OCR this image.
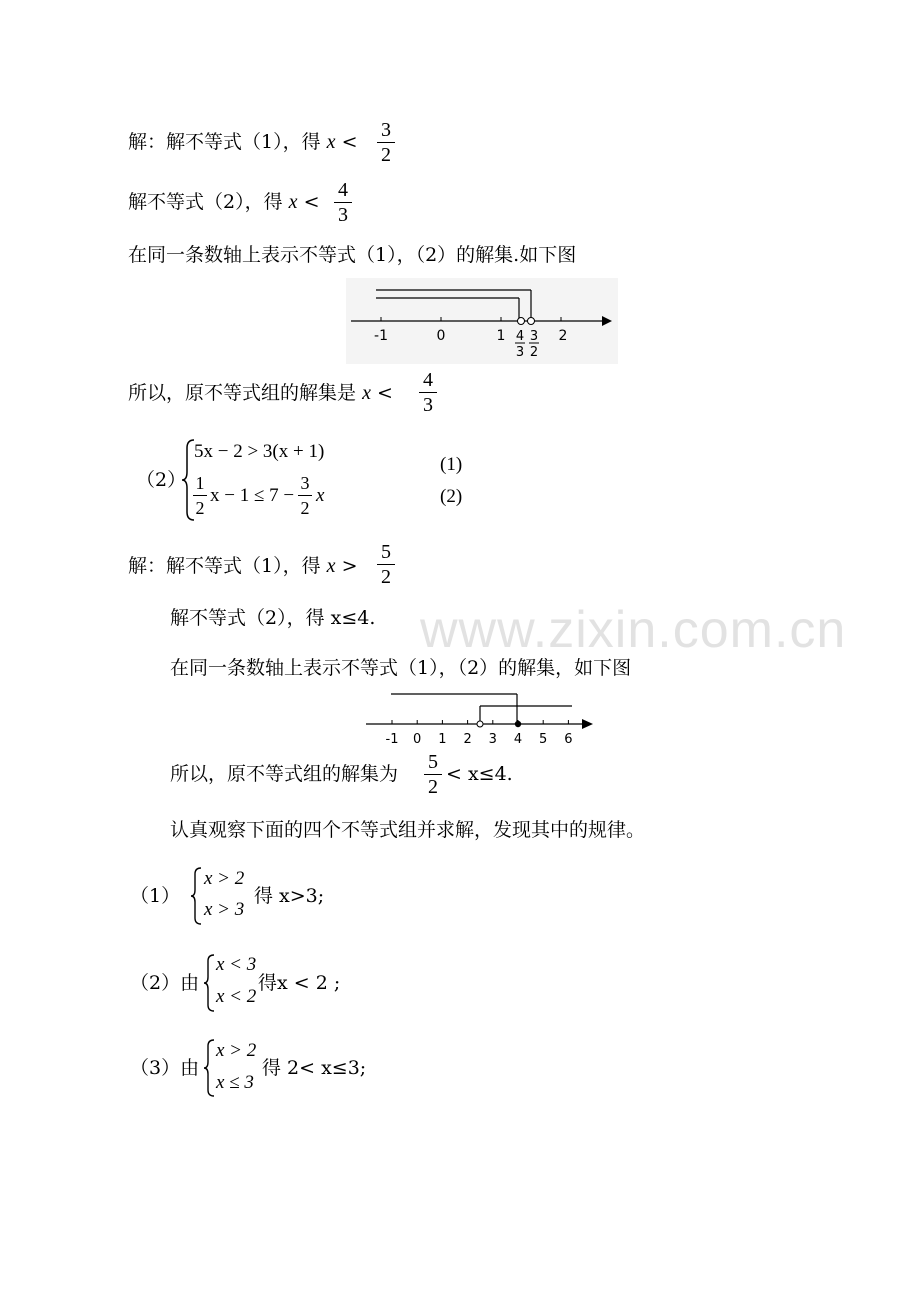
www.zixin.com.cn
解：解不等式（1），得 x <
3
2
解不等式（2），得 x <
4
3
在同一条数轴上表示不等式（1），（2）的解集.如下图
-1	0	1	2
4
3
3
2
所以，原不等式组的解集是 x <
4
3
（2）
5x − 2 > 3(x + 1)
1
2
x − 1 ≤ 7 −
3
2
x
(1)
(2)
解：解不等式（1），得 x >
5
2
解不等式（2），得 x≤4.
在同一条数轴上表示不等式（1），（2）的解集，如下图
-1 0 1 2 3 4 5 6
所以，原不等式组的解集为
5
2
< x≤4.
认真观察下面的四个不等式组并求解，发现其中的规律。
（1）
x > 2
x > 3
得 x>3;
（2）由
x < 3
x < 2
得x < 2 ;
（3）由
x > 2
x ≤ 3
得 2< x≤3;
